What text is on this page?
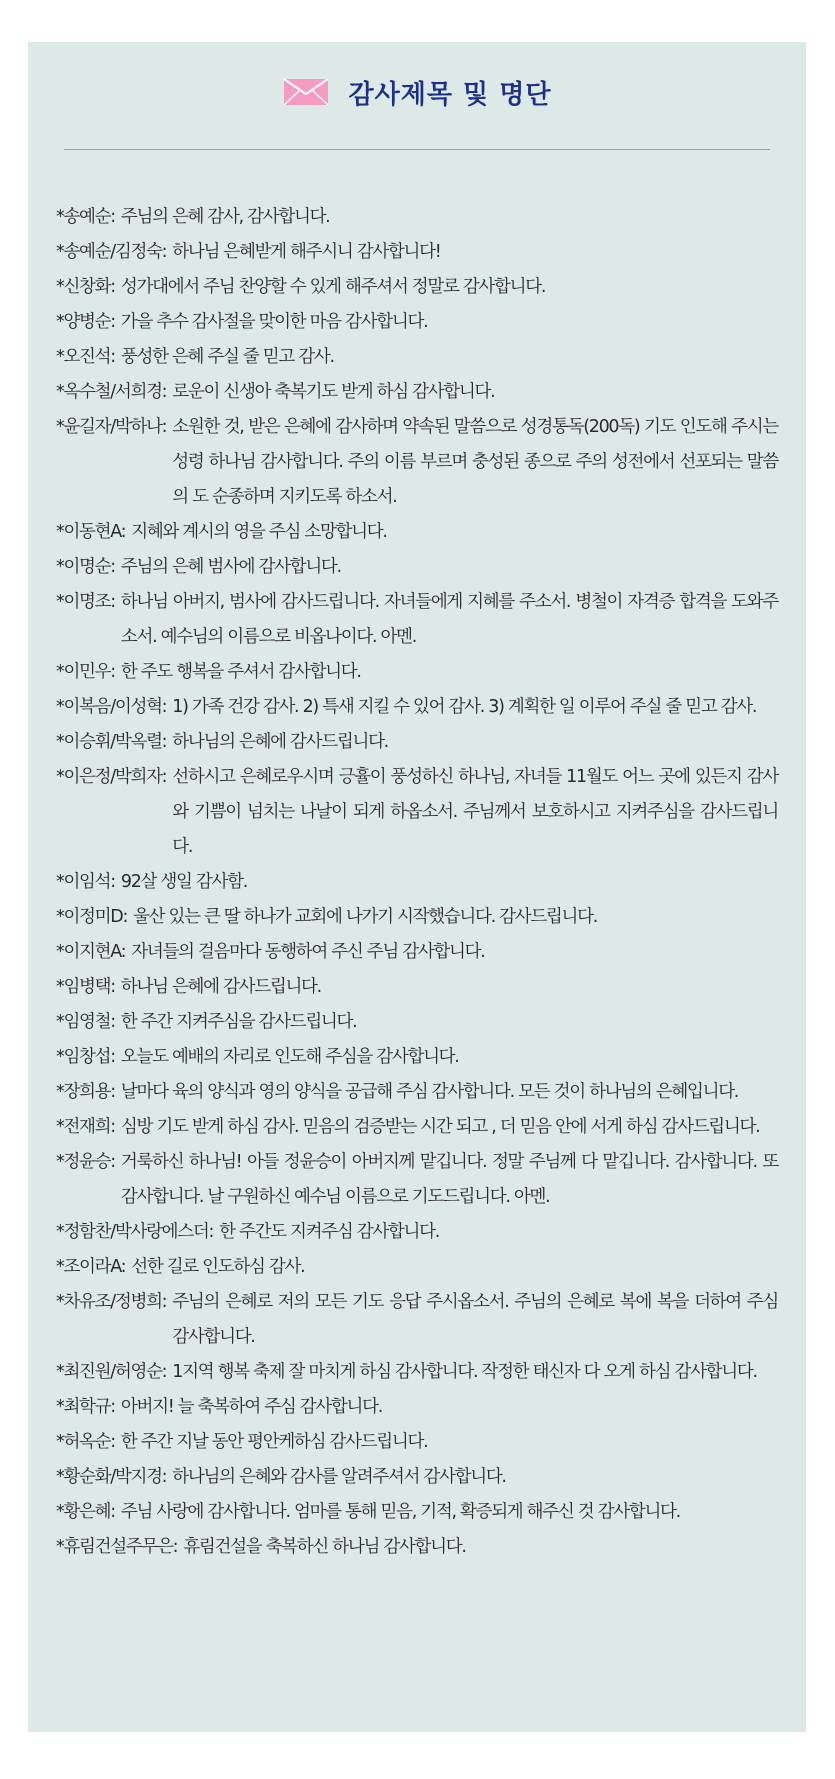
감사제목 및 명단
*송예순: 주님의 은혜 감사, 감사합니다.
*송예순/김정숙: 하나님 은혜받게 해주시니 감사합니다!
*신창화: 성가대에서 주님 찬양할 수 있게 해주셔서 정말로 감사합니다.
*양병순: 가을 추수 감사절을 맞이한 마음 감사합니다.
*오진석: 풍성한 은혜 주실 줄 믿고 감사.
*옥수철/서희경: 로운이 신생아 축복기도 받게 하심 감사합니다.
*윤길자/박하나: 소원한 것, 받은 은혜에 감사하며 약속된 말씀으로 성경통독(200독) 기도 인도해 주시는 성령 하나님 감사합니다. 주의 이름 부르며 충성된 종으로 주의 성전에서 선포되는 말씀의 도 순종하며 지키도록 하소서.
*이동현A: 지혜와 계시의 영을 주심 소망합니다.
*이명순: 주님의 은혜 범사에 감사합니다.
*이명조: 하나님 아버지, 범사에 감사드립니다. 자녀들에게 지혜를 주소서. 병철이 자격증 합격을 도와주소서. 예수님의 이름으로 비옵나이다. 아멘.
*이민우: 한 주도 행복을 주셔서 감사합니다.
*이복음/이성혁: 1) 가족 건강 감사. 2) 특새 지킬 수 있어 감사. 3) 계획한 일 이루어 주실 줄 믿고 감사.
*이승휘/박옥렬: 하나님의 은혜에 감사드립니다.
*이은정/박희자: 선하시고 은혜로우시며 긍휼이 풍성하신 하나님, 자녀들 11월도 어느 곳에 있든지 감사와 기쁨이 넘치는 나날이 되게 하옵소서. 주님께서 보호하시고 지켜주심을 감사드립니다.
*이임석: 92살 생일 감사함.
*이정미D: 울산 있는 큰 딸 하나가 교회에 나가기 시작했습니다. 감사드립니다.
*이지현A: 자녀들의 걸음마다 동행하여 주신 주님 감사합니다.
*임병택: 하나님 은혜에 감사드립니다.
*임영철: 한 주간 지켜주심을 감사드립니다.
*임창섭: 오늘도 예배의 자리로 인도해 주심을 감사합니다.
*장희용: 날마다 육의 양식과 영의 양식을 공급해 주심 감사합니다. 모든 것이 하나님의 은혜입니다.
*전재희: 심방 기도 받게 하심 감사. 믿음의 검증받는 시간 되고 , 더 믿음 안에 서게 하심 감사드립니다.
*정윤승: 거룩하신 하나님! 아들 정윤승이 아버지께 맡깁니다. 정말 주님께 다 맡깁니다. 감사합니다. 또 감사합니다. 날 구원하신 예수님 이름으로 기도드립니다. 아멘.
*정함찬/박사랑에스더: 한 주간도 지켜주심 감사합니다.
*조이라A: 선한 길로 인도하심 감사.
*차유조/정병희: 주님의 은혜로 저의 모든 기도 응답 주시옵소서. 주님의 은혜로 복에 복을 더하여 주심 감사합니다.
*최진원/허영순: 1지역 행복 축제 잘 마치게 하심 감사합니다. 작정한 태신자 다 오게 하심 감사합니다.
*최학규: 아버지! 늘 축복하여 주심 감사합니다.
*허옥순: 한 주간 지날 동안 평안케하심 감사드립니다.
*황순화/박지경: 하나님의 은혜와 감사를 알려주셔서 감사합니다.
*황은혜: 주님 사랑에 감사합니다. 엄마를 통해 믿음, 기적, 확증되게 해주신 것 감사합니다.
*휴림건설주무은: 휴림건설을 축복하신 하나님 감사합니다.
